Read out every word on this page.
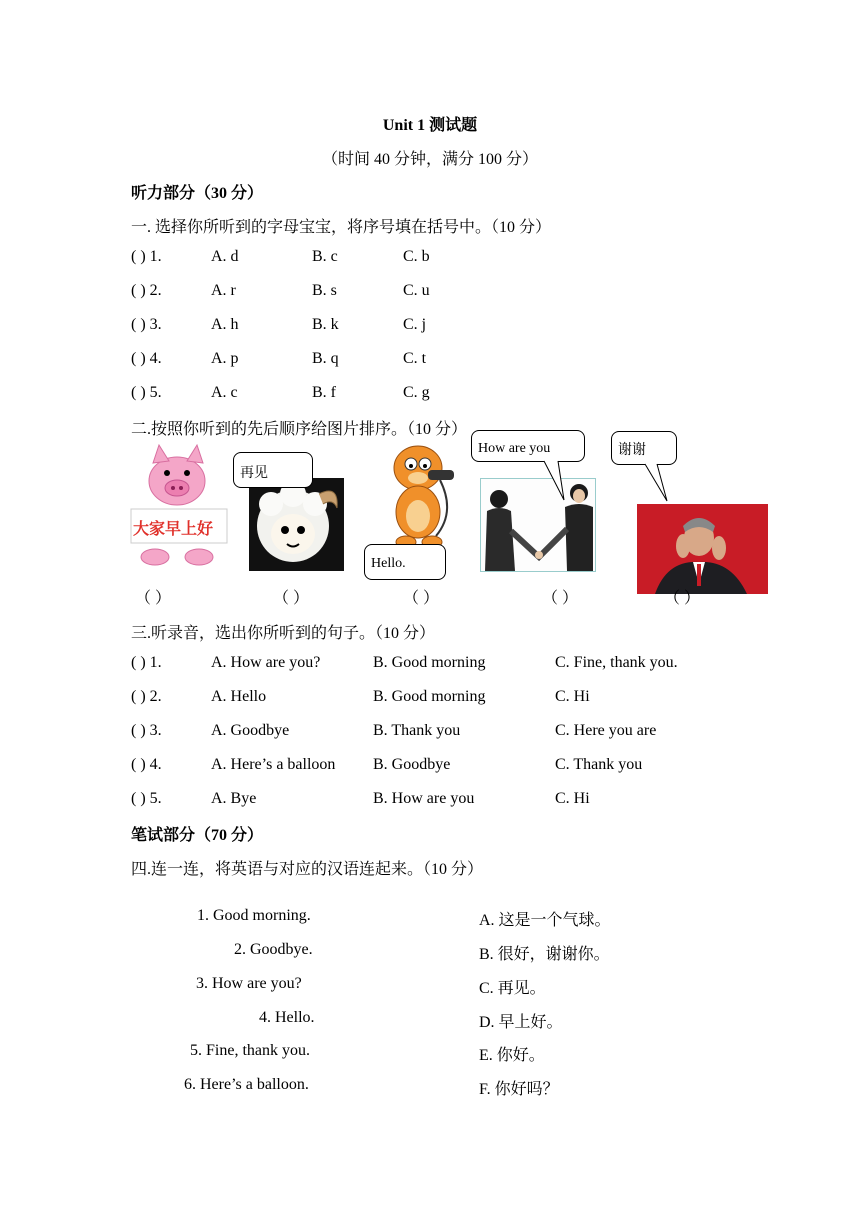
Unit 1 测试题
（时间 40 分钟，满分 100 分）
听力部分（30 分）
一. 选择你所听到的字母宝宝，将序号填在括号中。（10 分）
( ) 1.	A. d	B. c	C. b
( ) 2.	A. r	B. s	C. u
( ) 3.	A. h	B. k	C. j
( ) 4.	A. p	B. q	C. t
( ) 5.	A. c	B. f	C. g
二.按照你听到的先后顺序给图片排序。（10 分）
大家早上好
再见
Hello.
How are you	谢谢
（ ）	（ ）	（ ）	（ ）	（ ）
三.听录音，选出你所听到的句子。（10 分）
( ) 1.	A. How are you?	B. Good morning	C. Fine, thank you.
( ) 2.	A. Hello	B. Good morning	C. Hi
( ) 3.	A. Goodbye	B. Thank you	C. Here you are
( ) 4.	A. Here’s a balloon B. Goodbye	C. Thank you
( ) 5.	A. Bye	B. How are you	C. Hi
笔试部分（70 分）
四.连一连，将英语与对应的汉语连起来。（10 分）
1. Good morning.
2. Goodbye.
3. How are you?
4. Hello.
5. Fine, thank you.
6. Here’s a balloon.
A. 这是一个气球。
B. 很好，谢谢你。
C. 再见。
D. 早上好。
E. 你好。
F. 你好吗？
